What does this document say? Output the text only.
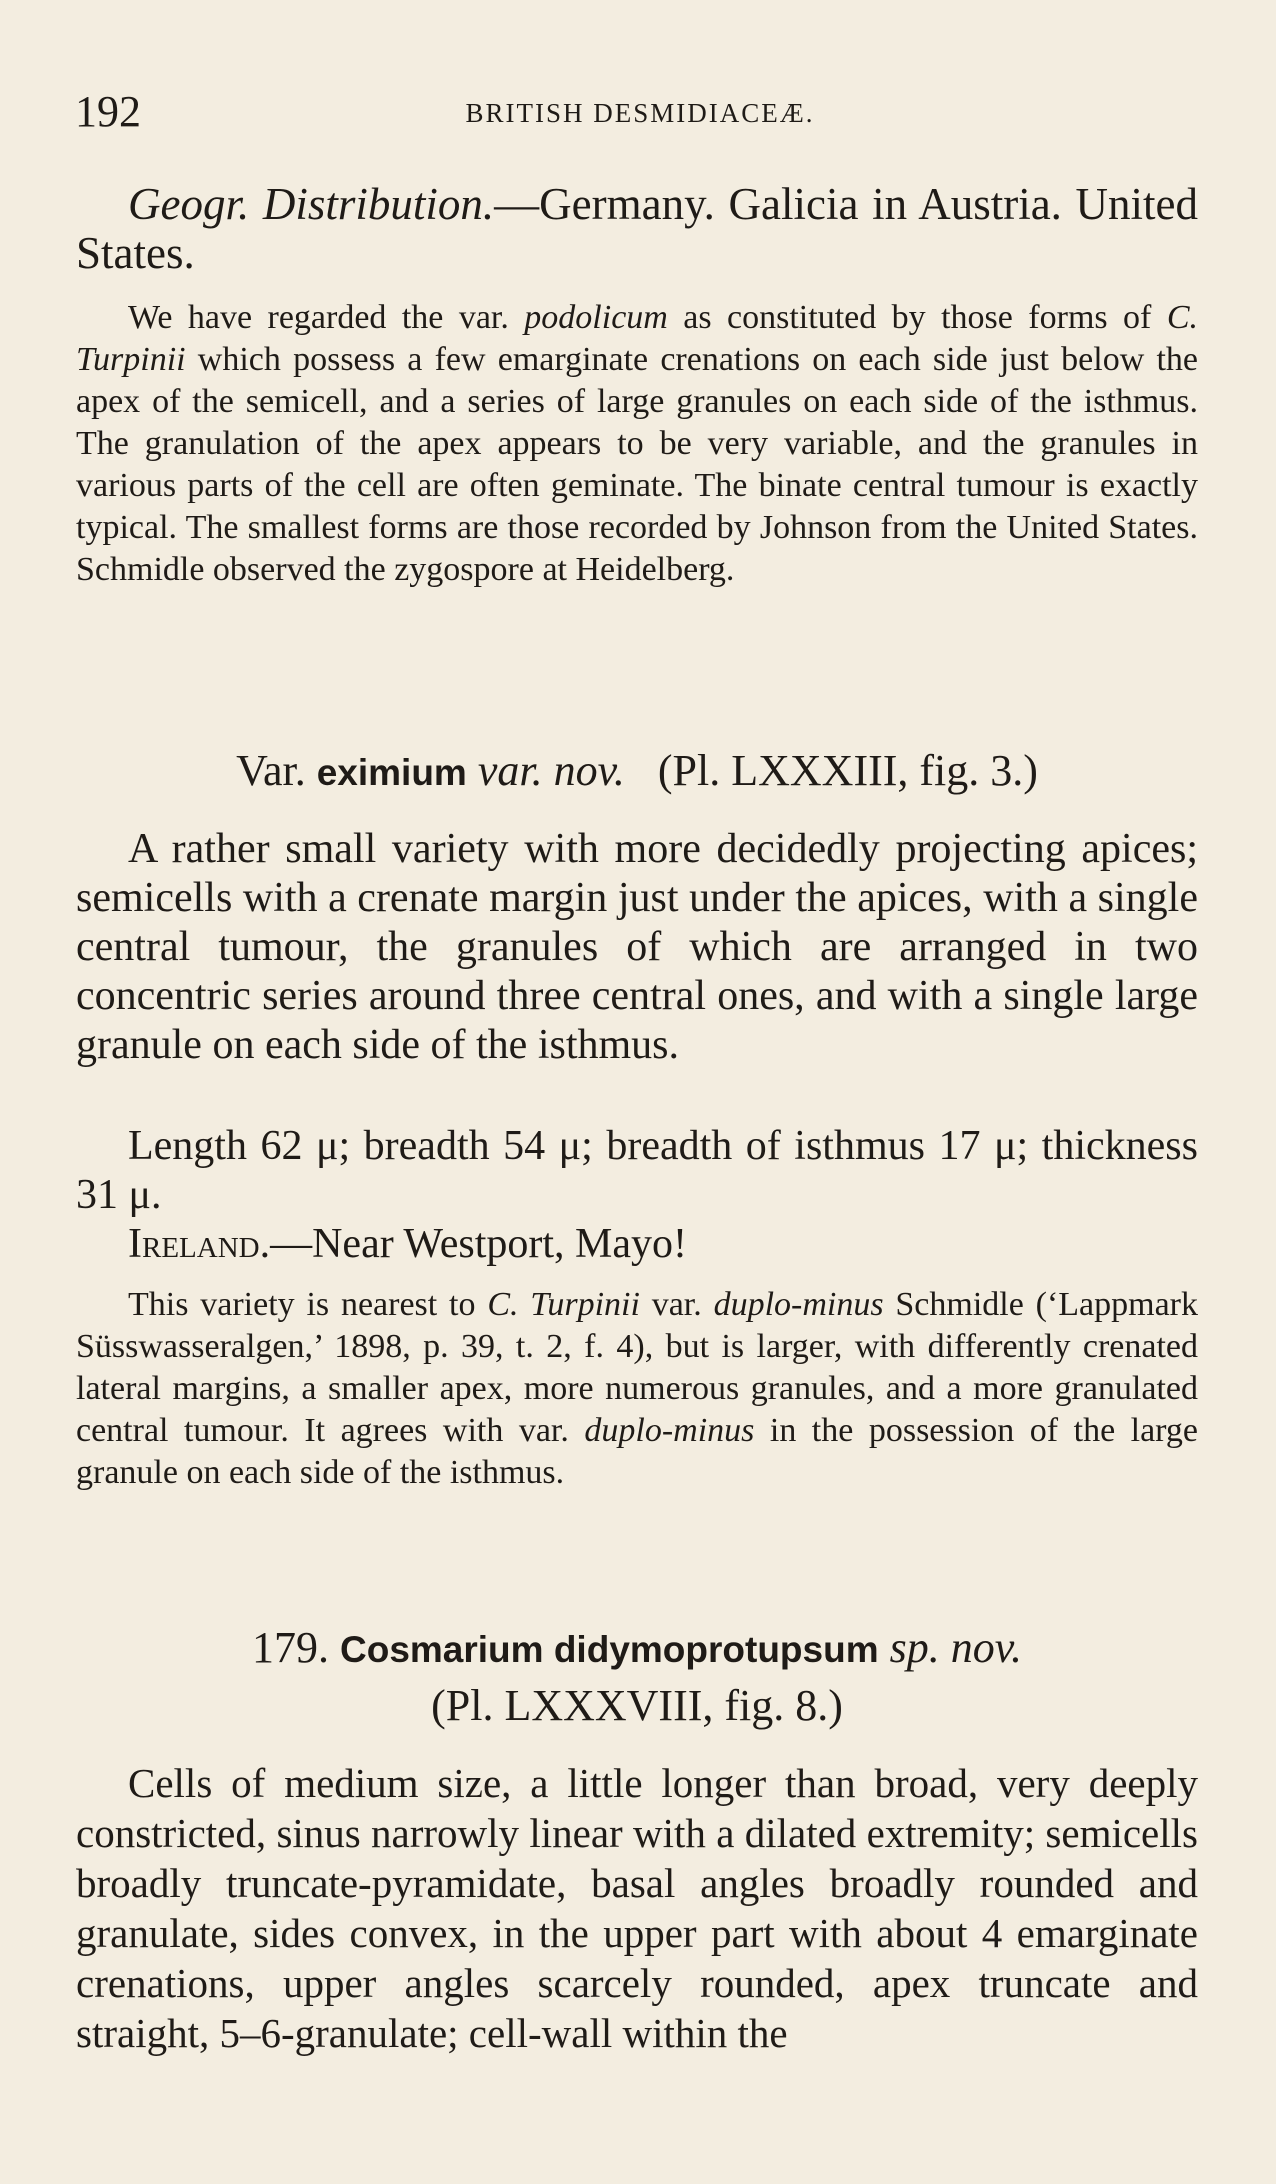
192	BRITISH DESMIDIACEÆ.

Geogr. Distribution.—Germany. Galicia in Austria. United States.

We have regarded the var. podolicum as constituted by those forms of C. Turpinii which possess a few emarginate crenations on each side just below the apex of the semicell, and a series of large granules on each side of the isthmus. The granulation of the apex appears to be very variable, and the granules in various parts of the cell are often geminate. The binate central tumour is exactly typical. The smallest forms are those recorded by Johnson from the United States. Schmidle observed the zygospore at Heidelberg.

Var. eximium var. nov. (Pl. LXXXIII, fig. 3.)

A rather small variety with more decidedly projecting apices; semicells with a crenate margin just under the apices, with a single central tumour, the granules of which are arranged in two concentric series around three central ones, and with a single large granule on each side of the isthmus.

Length 62 μ; breadth 54 μ; breadth of isthmus 17 μ; thickness 31 μ.

Ireland.—Near Westport, Mayo!

This variety is nearest to C. Turpinii var. duplo-minus Schmidle (‘Lappmark Süsswasseralgen,’ 1898, p. 39, t. 2, f. 4), but is larger, with differently crenated lateral margins, a smaller apex, more numerous granules, and a more granulated central tumour. It agrees with var. duplo-minus in the possession of the large granule on each side of the isthmus.

179. Cosmarium didymoprotupsum sp. nov.
(Pl. LXXXVIII, fig. 8.)

Cells of medium size, a little longer than broad, very deeply constricted, sinus narrowly linear with a dilated extremity; semicells broadly truncate-pyramidate, basal angles broadly rounded and granulate, sides convex, in the upper part with about 4 emarginate crenations, upper angles scarcely rounded, apex truncate and straight, 5–6-granulate; cell-wall within the
